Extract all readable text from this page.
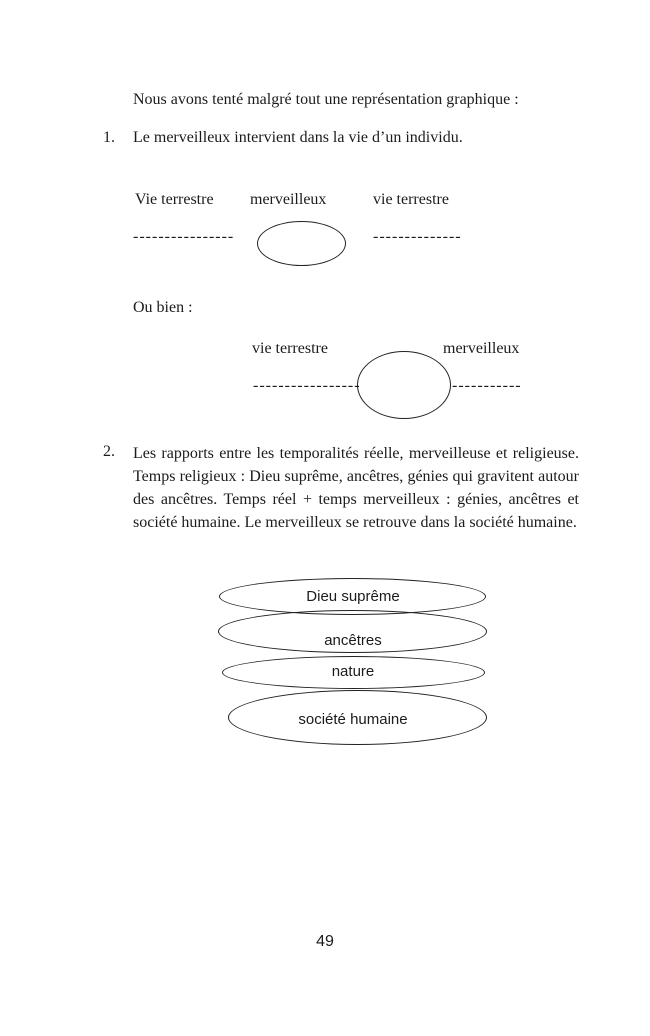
Nous avons tenté malgré tout une représentation graphique :
1. Le merveilleux intervient dans la vie d’un individu.
Vie terrestre merveilleux	vie terrestre
----------------	--------------
Ou bien :
vie terrestre	merveilleux
-----------------	-----------
2. Les rapports entre les temporalités réelle, merveilleuse et religieuse. Temps religieux : Dieu suprême, ancêtres, génies qui gravitent autour des ancêtres. Temps réel + temps merveilleux : génies, ancêtres et société humaine. Le merveilleux se retrouve dans la société humaine.
Dieu suprême
ancêtres
nature
société humaine
49
